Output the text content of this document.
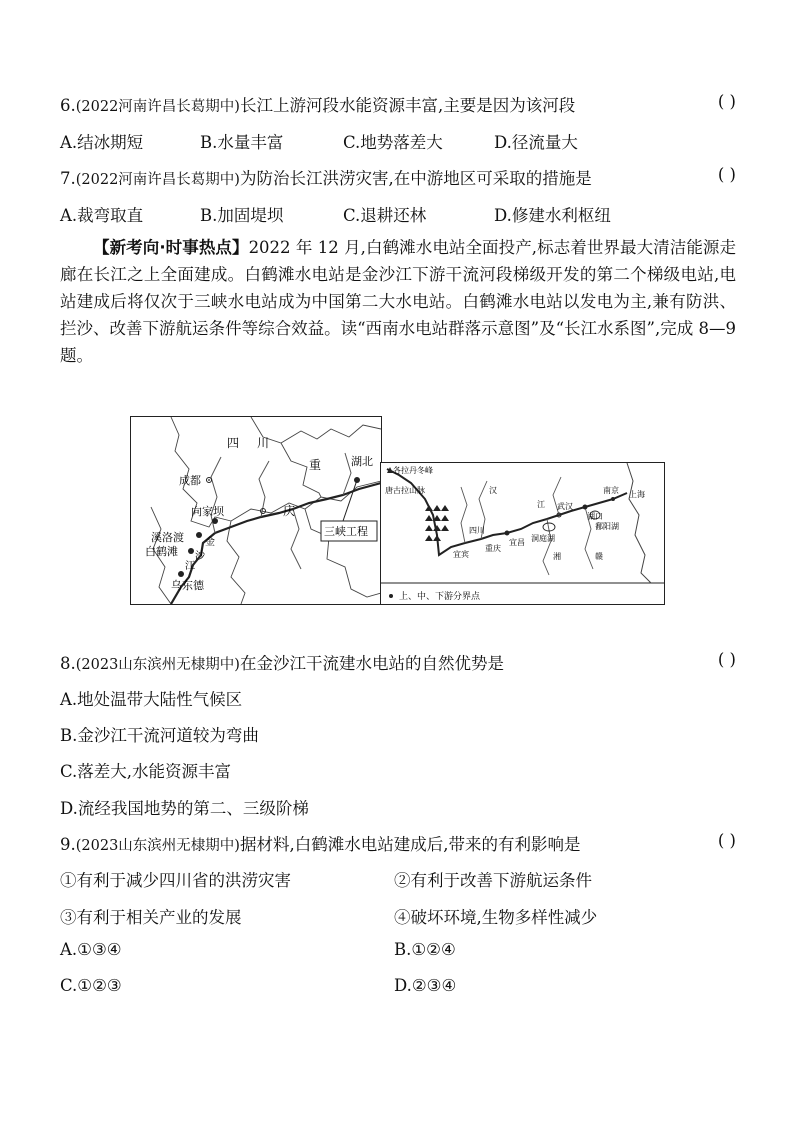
6.(2022河南许昌长葛期中)长江上游河段水能资源丰富,主要是因为该河段	( )
A.结冰期短	B.水量丰富	C.地势落差大	D.径流量大
7.(2022河南许昌长葛期中)为防治长江洪涝灾害,在中游地区可采取的措施是	( )
A.裁弯取直	B.加固堤坝	C.退耕还林	D.修建水利枢纽
【新考向·时事热点】2022 年 12 月,白鹤滩水电站全面投产,标志着世界最大清洁能源走廊在长江之上全面建成。白鹤滩水电站是金沙江下游干流河段梯级开发的第二个梯级电站,电站建成后将仅次于三峡水电站成为中国第二大水电站。白鹤滩水电站以发电为主,兼有防洪、拦沙、改善下游航运条件等综合效益。读“西南水电站群落示意图”及“长江水系图”,完成 8—9 题。
四 川
成都
重
庆
湖北
向家坝
溪洛渡
白鹤滩
乌东德
金
沙
江
三峡工程
各拉丹冬峰
唐古拉山脉
宜宾
重庆
宜昌
武汉
湖口
南京 上海
鄱阳湖
洞庭湖
四川
汉
江
湘	赣
上、中、下游分界点
8.(2023山东滨州无棣期中)在金沙江干流建水电站的自然优势是	( )
A.地处温带大陆性气候区
B.金沙江干流河道较为弯曲
C.落差大,水能资源丰富
D.流经我国地势的第二、三级阶梯
9.(2023山东滨州无棣期中)据材料,白鹤滩水电站建成后,带来的有利影响是	( )
①有利于减少四川省的洪涝灾害	②有利于改善下游航运条件
③有利于相关产业的发展	④破坏环境,生物多样性减少
A.①③④	B.①②④
C.①②③	D.②③④
